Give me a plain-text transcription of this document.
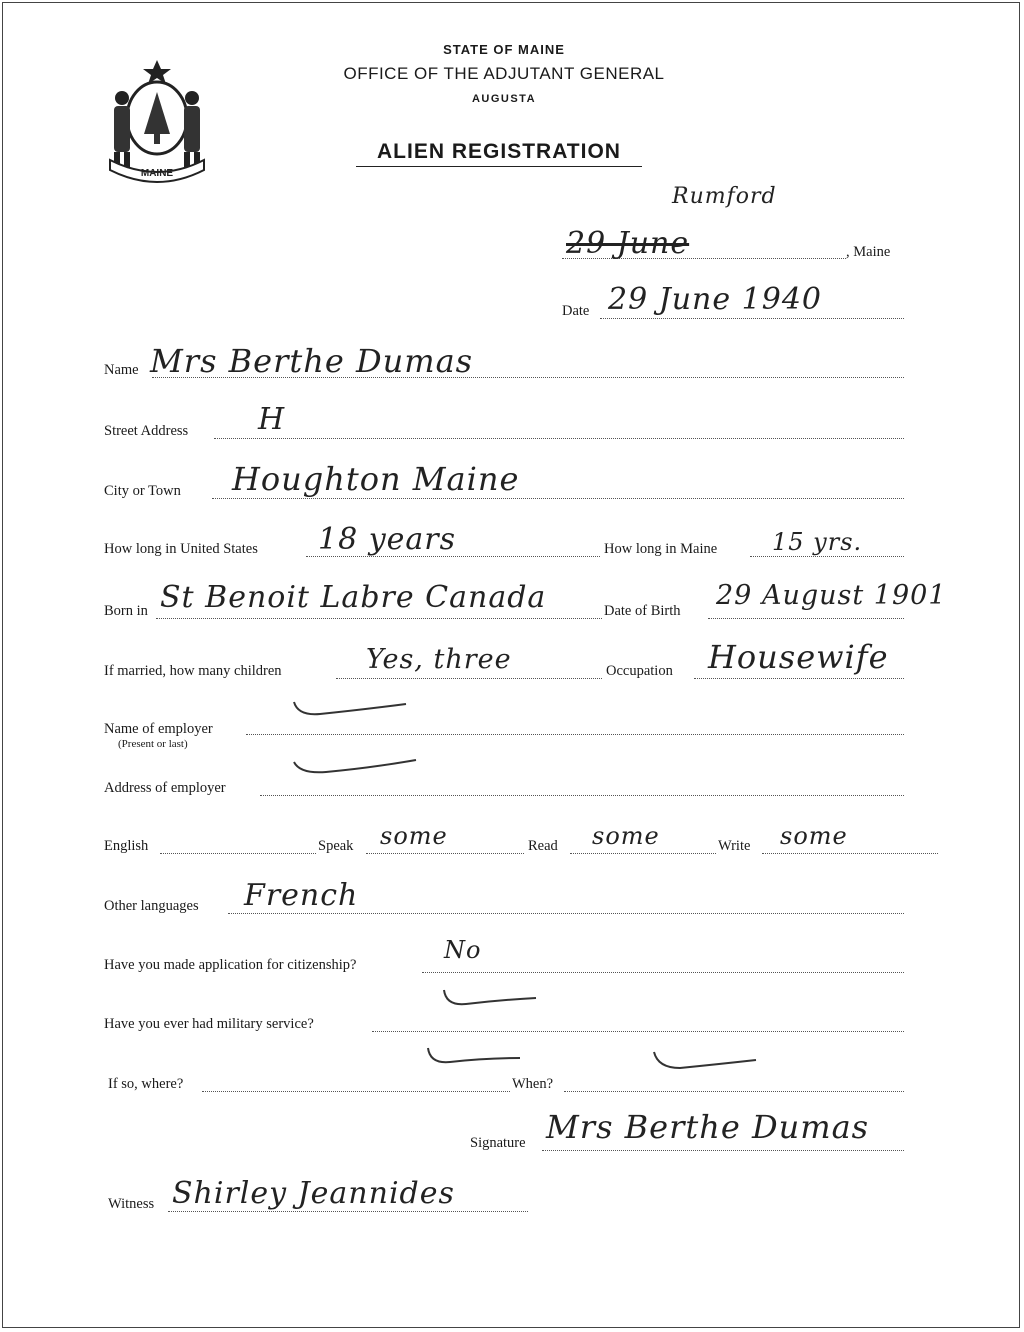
MAINE
STATE OF MAINE
OFFICE OF THE ADJUTANT GENERAL
AUGUSTA
ALIEN REGISTRATION
Rumford
29 June	, Maine
Date 29 June 1940
Name Mrs Berthe Dumas
Street Address H
City or Town Houghton Maine
How long in United States 18 years	How long in Maine 15 yrs.
Born in St Benoit Labre Canada	Date of Birth 29 August 1901
If married, how many children	Yes, three	Occupation Housewife
Name of employer
(Present or last)
Address of employer
English	Speak some	Read some	Write some
Other languages French
Have you made application for citizenship?
No
Have you ever had military service?
If so, where?	When?
Signature Mrs Berthe Dumas
Witness Shirley Jeannides
